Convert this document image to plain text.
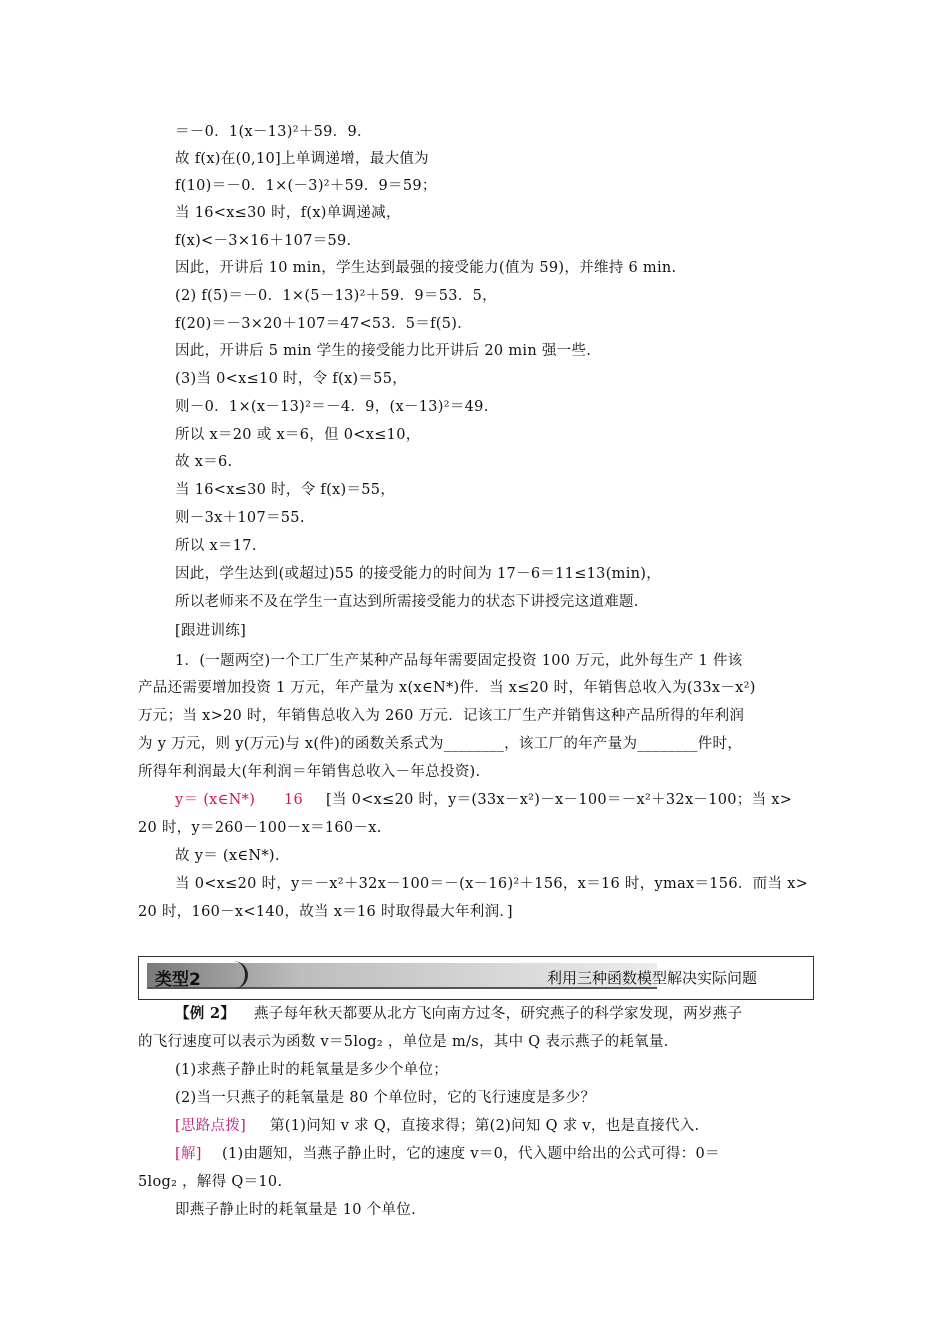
＝－0．1(x－13)²＋59．9．
故 f(x)在(0,10]上单调递增，最大值为
f(10)＝－0．1×(－3)²＋59．9＝59；
当 16<x≤30 时，f(x)单调递减，
f(x)<－3×16＋107＝59.
因此，开讲后 10 min，学生达到最强的接受能力(值为 59)，并维持 6 min.
(2) f(5)＝－0．1×(5－13)²＋59．9＝53．5，
f(20)＝－3×20＋107＝47<53．5＝f(5)．
因此，开讲后 5 min 学生的接受能力比开讲后 20 min 强一些.
(3)当 0<x≤10 时，令 f(x)＝55，
则－0．1×(x－13)²＝－4．9，(x－13)²＝49.
所以 x＝20 或 x＝6，但 0<x≤10，
故 x＝6.
当 16<x≤30 时，令 f(x)＝55，
则－3x＋107＝55.
所以 x＝17.
因此，学生达到(或超过)55 的接受能力的时间为 17－6＝11≤13(min)，
所以老师来不及在学生一直达到所需接受能力的状态下讲授完这道难题.
[跟进训练]
1．(一题两空)一个工厂生产某种产品每年需要固定投资 100 万元，此外每生产 1 件该
产品还需要增加投资 1 万元，年产量为 x(x∈N*)件．当 x≤20 时，年销售总收入为(33x－x²)
万元；当 x>20 时，年销售总收入为 260 万元．记该工厂生产并销售这种产品所得的年利润
为 y 万元，则 y(万元)与 x(件)的函数关系式为________，该工厂的年产量为________件时，
所得年利润最大(年利润＝年销售总收入－年总投资).
y＝ (x∈N*) 16 [当 0<x≤20 时，y＝(33x－x²)－x－100＝－x²＋32x－100；当 x>
20 时，y＝260－100－x＝160－x.
故 y＝ (x∈N*).
当 0<x≤20 时，y＝－x²＋32x－100＝－(x－16)²＋156，x＝16 时，ymax＝156．而当 x>
20 时，160－x<140，故当 x＝16 时取得最大年利润．]
类型2	利用三种函数模型解决实际问题
【例 2】 燕子每年秋天都要从北方飞向南方过冬，研究燕子的科学家发现，两岁燕子
的飞行速度可以表示为函数 v＝5log₂ ，单位是 m/s，其中 Q 表示燕子的耗氧量.
(1)求燕子静止时的耗氧量是多少个单位；
(2)当一只燕子的耗氧量是 80 个单位时，它的飞行速度是多少？
[思路点拨] 第(1)问知 v 求 Q，直接求得；第(2)问知 Q 求 v，也是直接代入.
[解] (1)由题知，当燕子静止时，它的速度 v＝0，代入题中给出的公式可得：0＝
5log₂ ，解得 Q＝10.
即燕子静止时的耗氧量是 10 个单位.
